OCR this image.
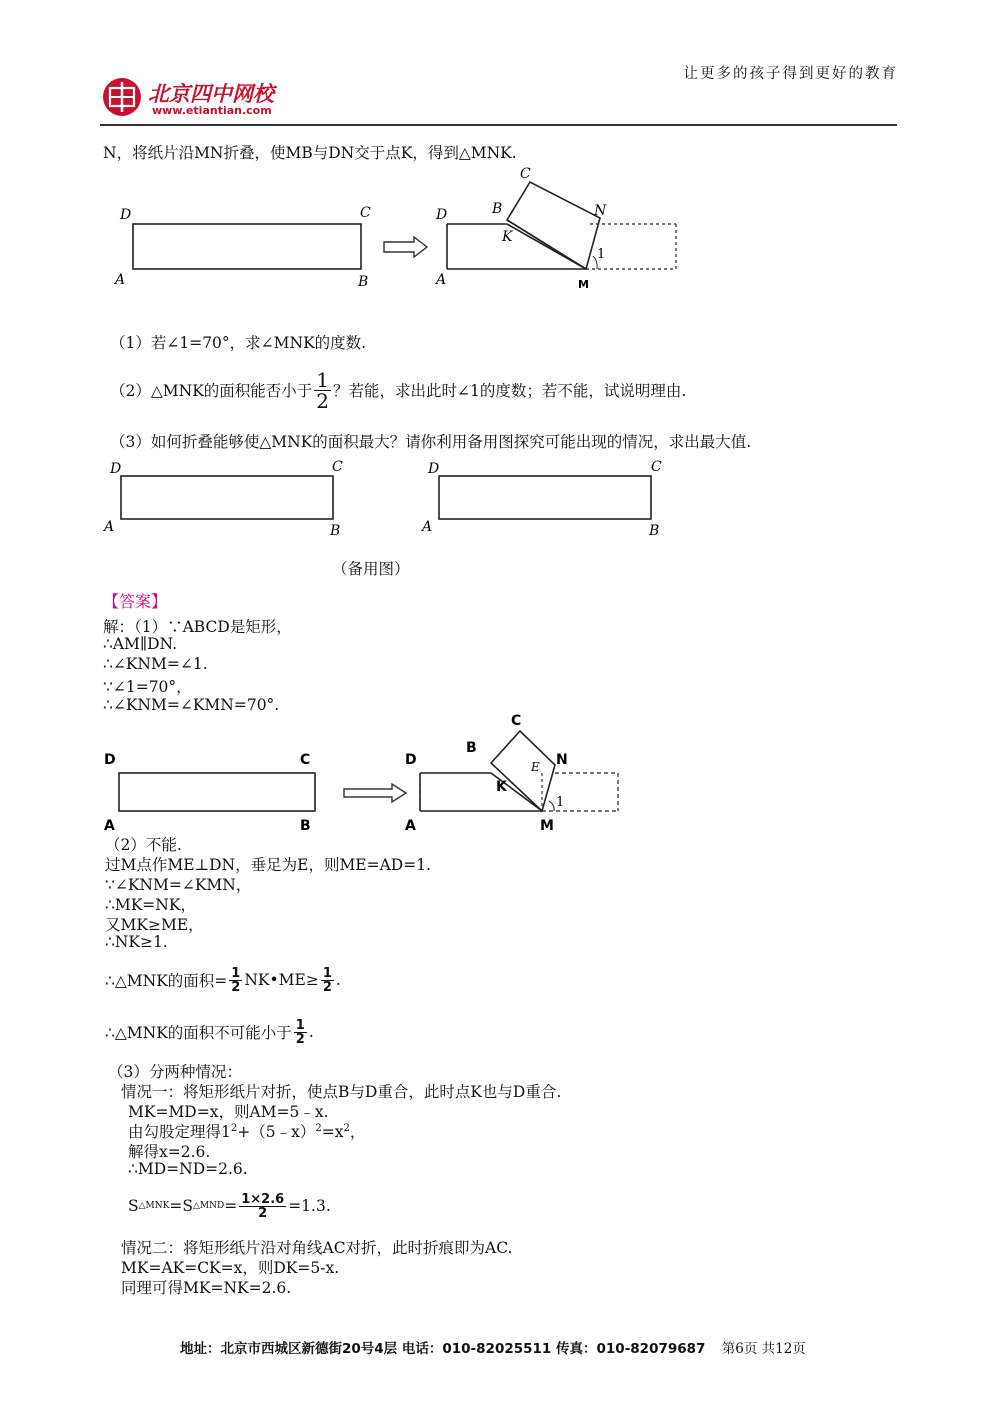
北京四中网校
www.etiantian.com
让更多的孩子得到更好的教育
N，将纸片沿MN折叠，使MB与DN交于点K，得到△MNK.
D	C
A	B
D
A
B
C
N
K
M
1
（1）若∠1=70°，求∠MNK的度数.
（2）△MNK的面积能否小于 $\frac{1}{2}$ ？若能，求出此时∠1的度数；若不能，试说明理由.
（3）如何折叠能够使△MNK的面积最大？请你利用备用图探究可能出现的情况，求出最大值.
D	C
A	B
D	C
A	B
（备用图）
【答案】
解：（1）∵ABCD是矩形，
∴AM∥DN.
∴∠KNM=∠1.
∵∠1=70°，
∴∠KNM=∠KMN=70°.
D	C
A	B
D
A
B
C
N
K
E
M
1
（2）不能.
过M点作ME⊥DN，垂足为E，则ME=AD=1.
∵∠KNM=∠KMN，
∴MK=NK，
又MK≥ME，
∴NK≥1.
∴△MNK的面积= $\frac{1}{2}$ NK•ME≥ $\frac{1}{2}$ .
∴△MNK的面积不可能小于 $\frac{1}{2}$ .
（3）分两种情况：
情况一：将矩形纸片对折，使点B与D重合，此时点K也与D重合.
MK=MD=x，则AM=5﹣x.
由勾股定理得$1^2+(5﹣x)^2=x^2$，
解得x=2.6.
∴MD=ND=2.6.
S △MNK =S △MND = $\frac{1\times 2.6}{2} =1.3$.
情况二：将矩形纸片沿对角线AC对折，此时折痕即为AC.
MK=AK=CK=x，则DK=5-x.
同理可得MK=NK=2.6.
地址：北京市西城区新德街20号4层 电话：010-82025511 传真：010-82079687 第6页 共12页
